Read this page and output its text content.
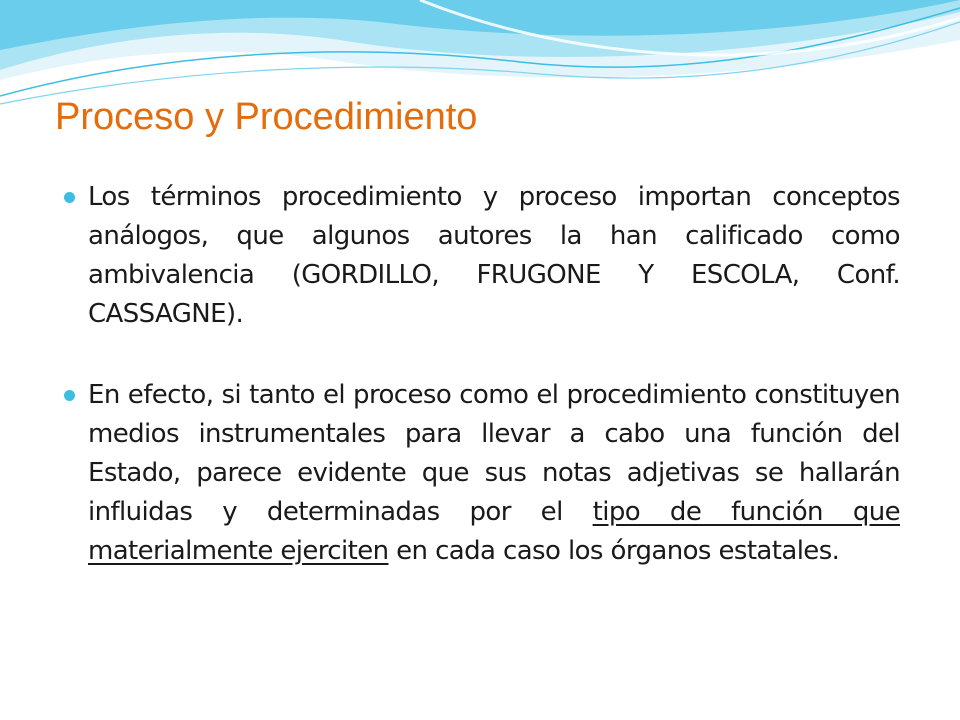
Proceso y Procedimiento
Los términos procedimiento y proceso importan conceptos análogos, que algunos autores la han calificado como ambivalencia (GORDILLO, FRUGONE Y ESCOLA, Conf. CASSAGNE).
En efecto, si tanto el proceso como el procedimiento constituyen medios instrumentales para llevar a cabo una función del Estado, parece evidente que sus notas adjetivas se hallarán influidas y determinadas por el tipo de función que materialmente ejerciten en cada caso los órganos estatales.
